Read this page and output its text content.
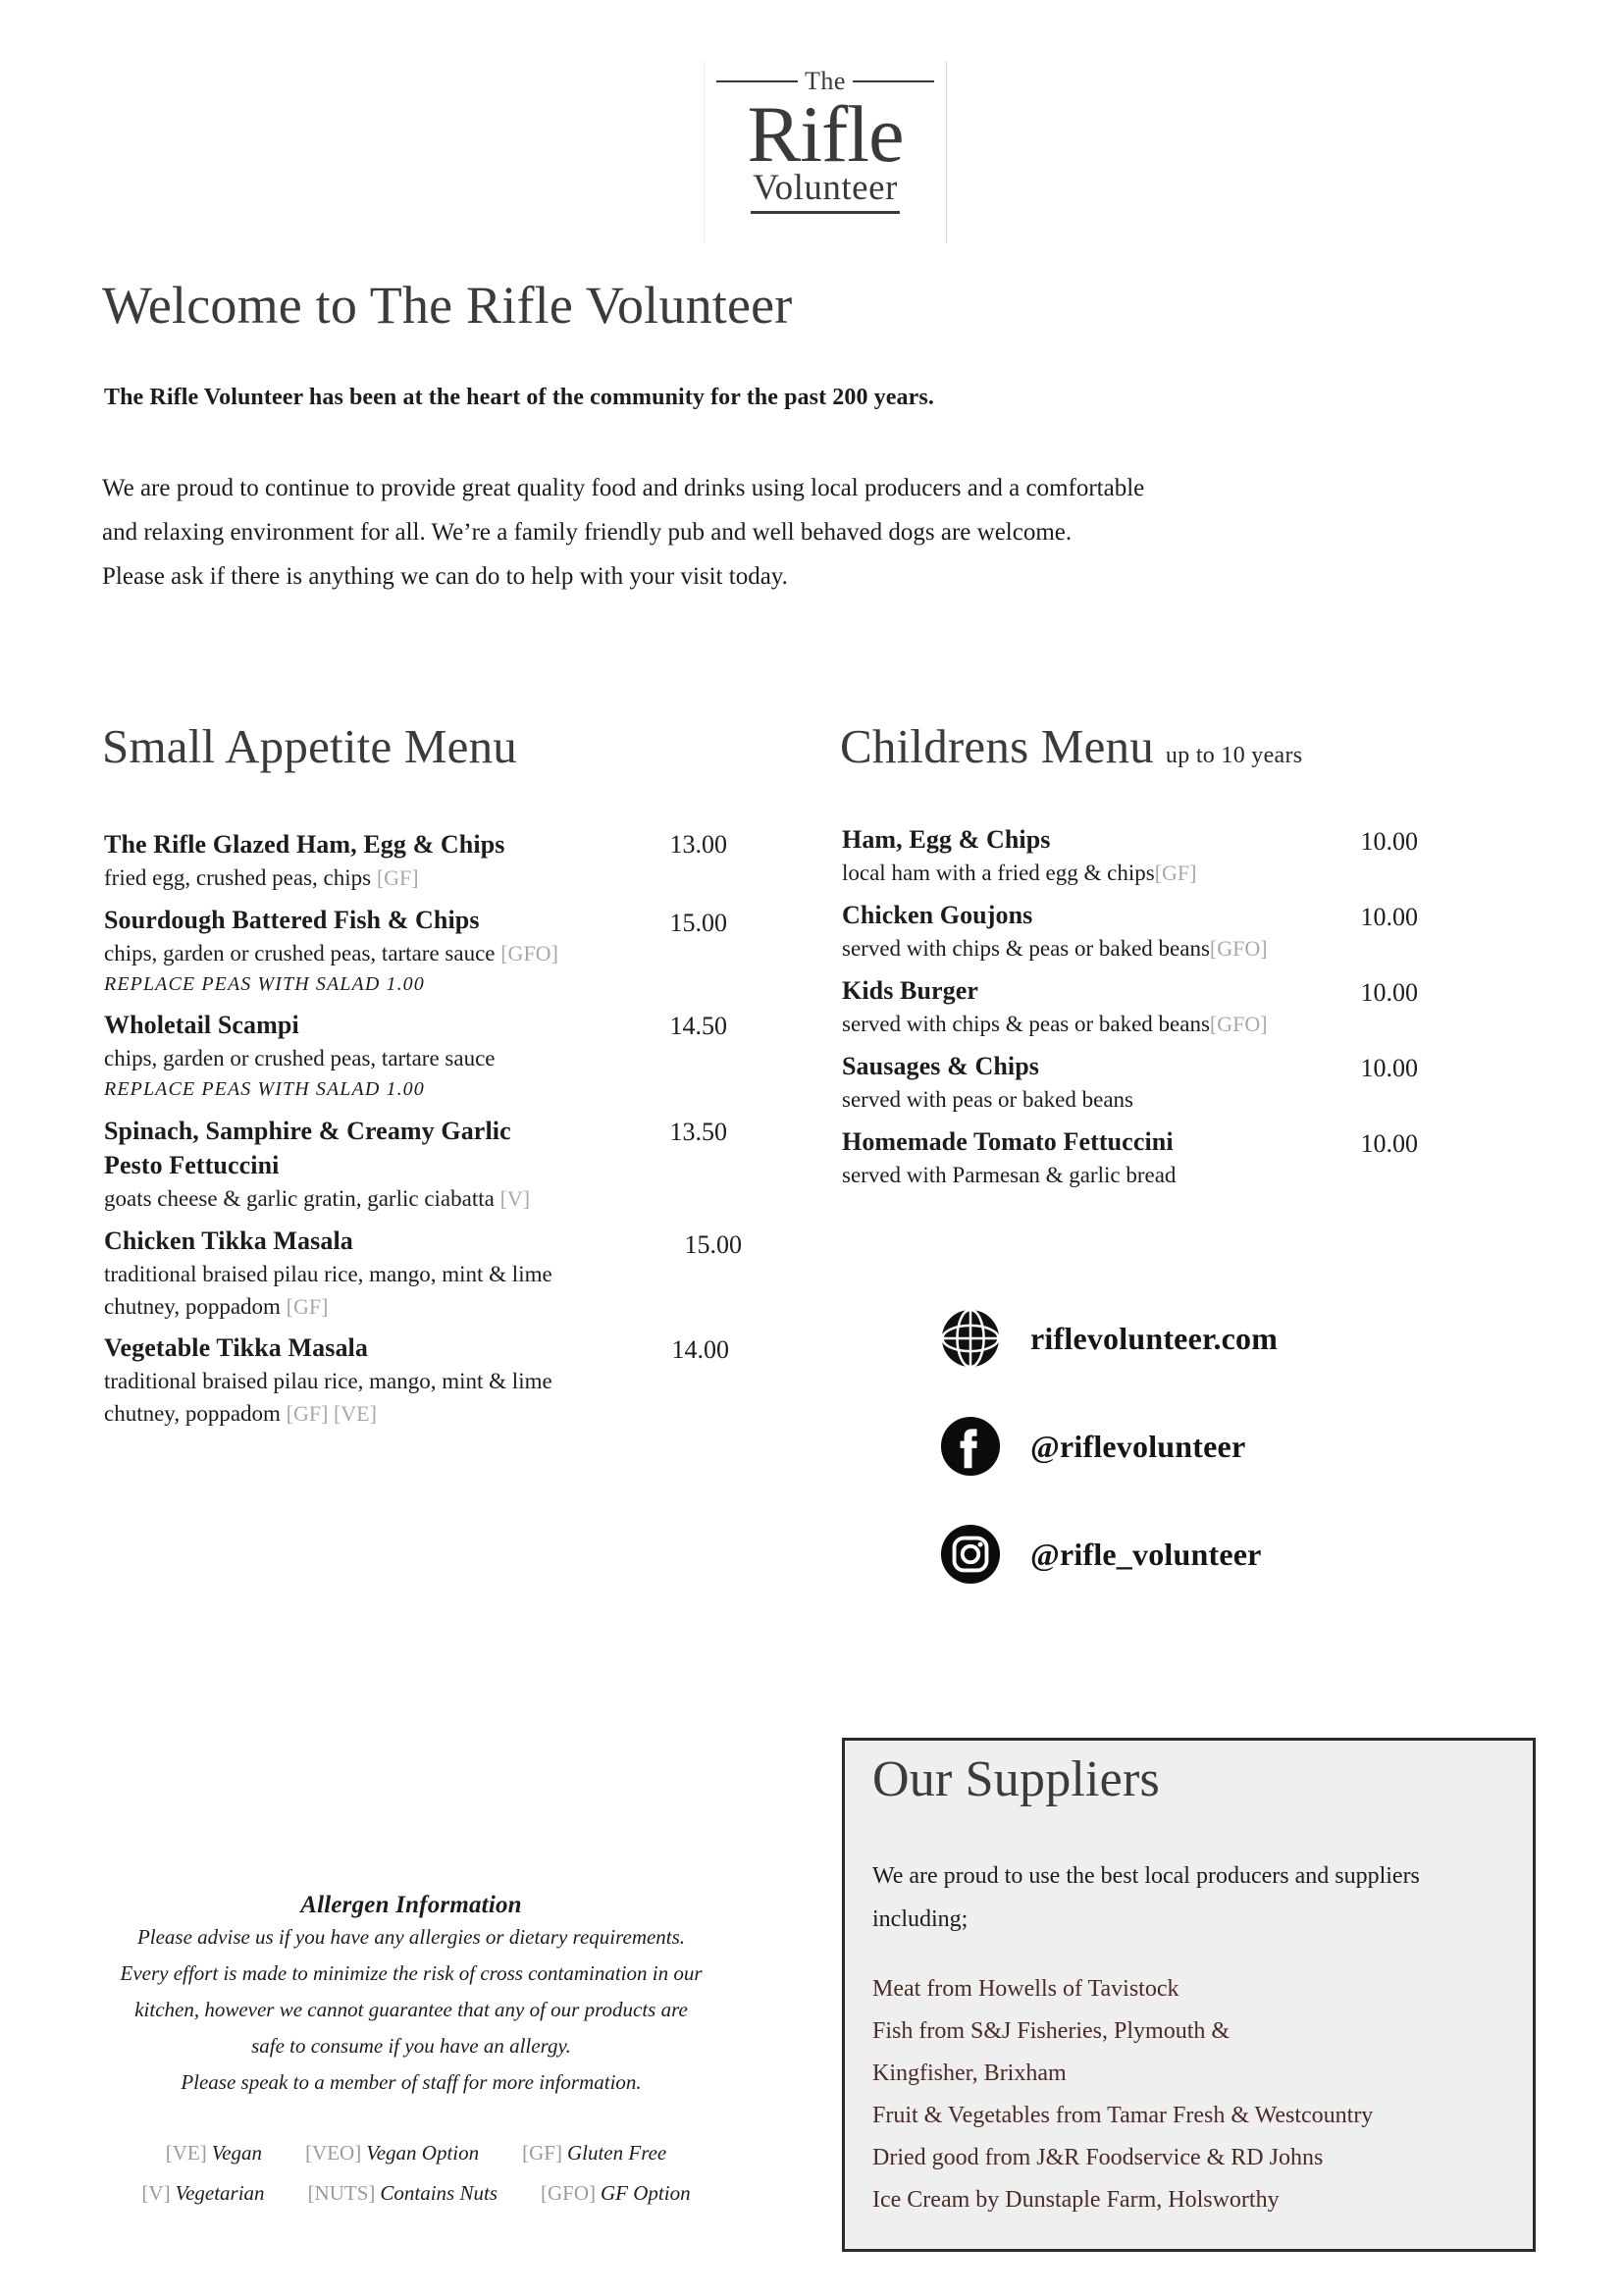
The
Rifle
Volunteer
Welcome to The Rifle Volunteer
The Rifle Volunteer has been at the heart of the community for the past 200 years.
We are proud to continue to provide great quality food and drinks using local producers and a comfortable
and relaxing environment for all. We’re a family friendly pub and well behaved dogs are welcome.
Please ask if there is anything we can do to help with your visit today.
Small Appetite Menu
The Rifle Glazed Ham, Egg & Chips	13.00
fried egg, crushed peas, chips [GF]
Sourdough Battered Fish & Chips	15.00
chips, garden or crushed peas, tartare sauce [GFO]
REPLACE PEAS WITH SALAD 1.00
Wholetail Scampi	14.50
chips, garden or crushed peas, tartare sauce
REPLACE PEAS WITH SALAD 1.00
Spinach, Samphire & Creamy Garlic Pesto Fettuccini
13.50
goats cheese & garlic gratin, garlic ciabatta [V]
Chicken Tikka Masala	15.00
traditional braised pilau rice, mango, mint & lime chutney, poppadom [GF]
Vegetable Tikka Masala	14.00
traditional braised pilau rice, mango, mint & lime chutney, poppadom [GF] [VE]
Childrens Menu up to 10 years
Ham, Egg & Chips	10.00
local ham with a fried egg & chips[GF]
Chicken Goujons	10.00
served with chips & peas or baked beans[GFO]
Kids Burger	10.00
served with chips & peas or baked beans[GFO]
Sausages & Chips	10.00
served with peas or baked beans
Homemade Tomato Fettuccini	10.00
served with Parmesan & garlic bread
riflevolunteer.com
@riflevolunteer
@rifle_volunteer
Allergen Information
Please advise us if you have any allergies or dietary requirements.
Every effort is made to minimize the risk of cross contamination in our
kitchen, however we cannot guarantee that any of our products are
safe to consume if you have an allergy.
Please speak to a member of staff for more information.
[VE] Vegan [VEO] Vegan Option [GF] Gluten Free
[V] Vegetarian [NUTS] Contains Nuts [GFO] GF Option
Our Suppliers
We are proud to use the best local producers and suppliers including;
Meat from Howells of Tavistock
Fish from S&J Fisheries, Plymouth &
Kingfisher, Brixham
Fruit & Vegetables from Tamar Fresh & Westcountry
Dried good from J&R Foodservice & RD Johns
Ice Cream by Dunstaple Farm, Holsworthy
